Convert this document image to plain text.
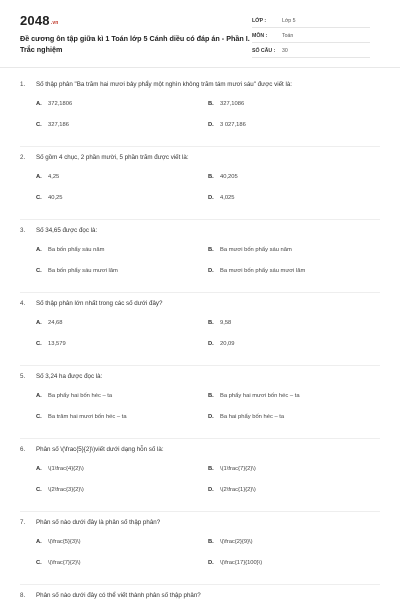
$2048^{.vn}$
Đề cương ôn tập giữa kì 1 Toán lớp 5 Cánh diều có đáp án - Phần I. Trắc nghiệm
LỚP :	Lớp 5
MÔN :	Toán
SỐ CÂU :	30
1.	Số thập phân "Ba trăm hai mươi bảy phẩy một nghìn không trăm tám mươi sáu" được viết là:
A.	372,1806	B.	327,1086
C.	327,186	D.	3 027,186
2.	Số gồm 4 chục, 2 phần mười, 5 phần trăm được viết là:
A.	4,25	B.	40,205
C.	40,25	D.	4,025
3.	Số 34,65 được đọc là:
A.	Ba bốn phẩy sáu năm	B.	Ba mươi bốn phẩy sáu năm
C.	Ba bốn phẩy sáu mươi lăm	D.	Ba mươi bốn phẩy sáu mươi lăm
4.	Số thập phân lớn nhất trong các số dưới đây?
A.	24,68	B.	9,58
C.	13,579	D.	20,09
5.	Số 3,24 ha được đọc là:
A.	Ba phẩy hai bốn héc – ta	B.	Ba phẩy hai mươi bốn héc – ta
C.	Ba trăm hai mươi bốn héc – ta	D.	Ba hai phẩy bốn héc – ta
6.	Phân số \(\frac{5}{2}\)viết dưới dạng hỗn số là:
A.	\(1\frac{4}{2}\)	B.	\(1\frac{7}{2}\)
C.	\(2\frac{3}{2}\)	D.	\(2\frac{1}{2}\)
7.	Phân số nào dưới đây là phân số thập phân?
A.	\(\frac{5}{3}\)	B.	\(\frac{2}{9}\)
C.	\(\frac{7}{2}\)	D.	\(\frac{17}{100}\)
8.	Phân số nào dưới đây có thể viết thành phân số thập phân?
